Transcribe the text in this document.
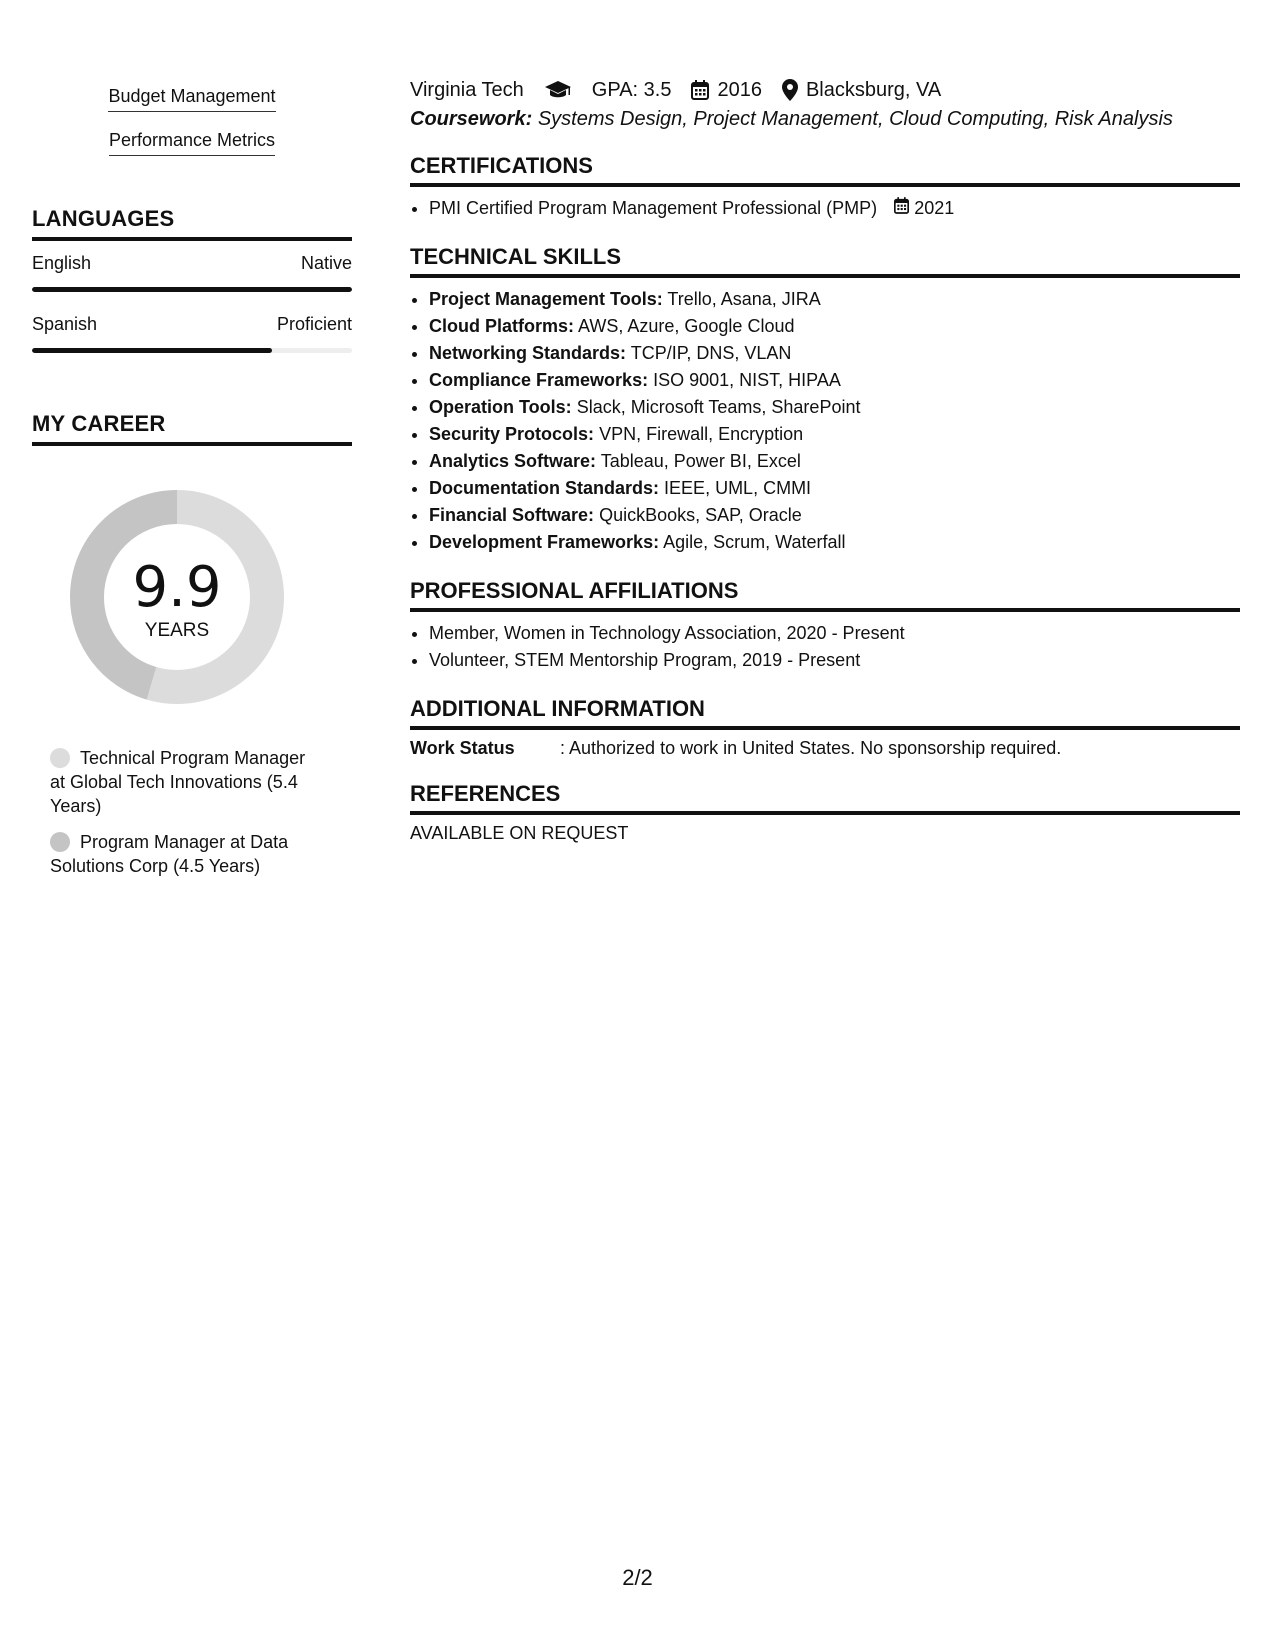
Budget Management
Performance Metrics
LANGUAGES
English	Native
Spanish	Proficient
MY CAREER
9.9
YEARS
Technical Program Manager at Global Tech Innovations (5.4 Years)
Program Manager at Data Solutions Corp (4.5 Years)
Virginia Tech	GPA: 3.5 2016 Blacksburg, VA
Coursework: Systems Design, Project Management, Cloud Computing, Risk Analysis
CERTIFICATIONS
• PMI Certified Program Management Professional (PMP) 2021
TECHNICAL SKILLS
• Project Management Tools: Trello, Asana, JIRA
• Cloud Platforms: AWS, Azure, Google Cloud
• Networking Standards: TCP/IP, DNS, VLAN
• Compliance Frameworks: ISO 9001, NIST, HIPAA
• Operation Tools: Slack, Microsoft Teams, SharePoint
• Security Protocols: VPN, Firewall, Encryption
• Analytics Software: Tableau, Power BI, Excel
• Documentation Standards: IEEE, UML, CMMI
• Financial Software: QuickBooks, SAP, Oracle
• Development Frameworks: Agile, Scrum, Waterfall
PROFESSIONAL AFFILIATIONS
• Member, Women in Technology Association, 2020 - Present
• Volunteer, STEM Mentorship Program, 2019 - Present
ADDITIONAL INFORMATION
Work Status	: Authorized to work in United States. No sponsorship required.
REFERENCES
AVAILABLE ON REQUEST
2/2
